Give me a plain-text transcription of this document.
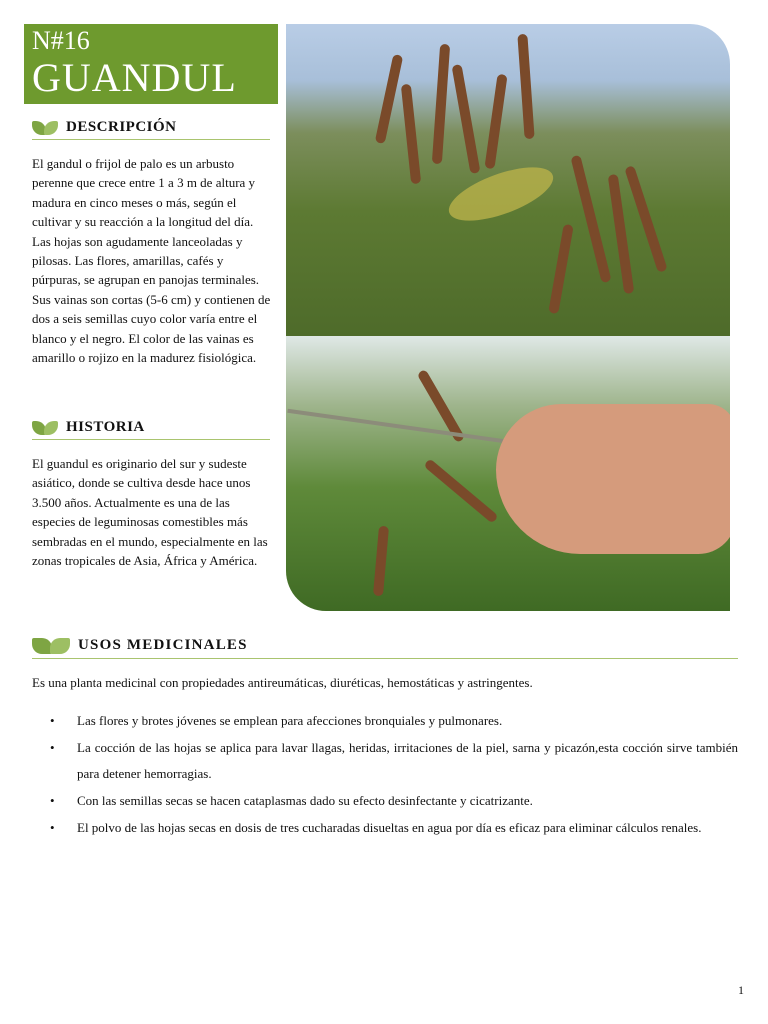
N#16
GUANDUL
DESCRIPCIÓN
El gandul o frijol de palo es un arbusto perenne que crece entre 1 a 3 m de altura y madura en cinco meses o más, según el cultivar y su reacción a la longitud del día. Las hojas son agudamente lanceoladas y pilosas. Las flores, amarillas, cafés y púrpuras, se agrupan en panojas terminales. Sus vainas son cortas (5-6 cm) y contienen de dos a seis semillas cuyo color varía entre el blanco y el negro. El color de las vainas es amarillo o rojizo en la madurez fisiológica.
HISTORIA
El guandul es originario del sur y sudeste asiático, donde se cultiva desde hace unos 3.500 años. Actualmente es una de las especies de leguminosas comestibles más sembradas en el mundo, especialmente en las zonas tropicales de Asia, África y América.
USOS MEDICINALES
Es una planta medicinal con propiedades antireumáticas, diuréticas, hemostáticas y astringentes.
• Las flores y brotes jóvenes se emplean para afecciones bronquiales y pulmonares.
• La cocción de las hojas se aplica para lavar llagas, heridas, irritaciones de la piel, sarna y picazón,esta cocción sirve también para detener hemorragias.
• Con las semillas secas se hacen cataplasmas dado su efecto desinfectante y cicatrizante.
• El polvo de las hojas secas en dosis de tres cucharadas disueltas en agua por día es eficaz para eliminar cálculos renales.
1
